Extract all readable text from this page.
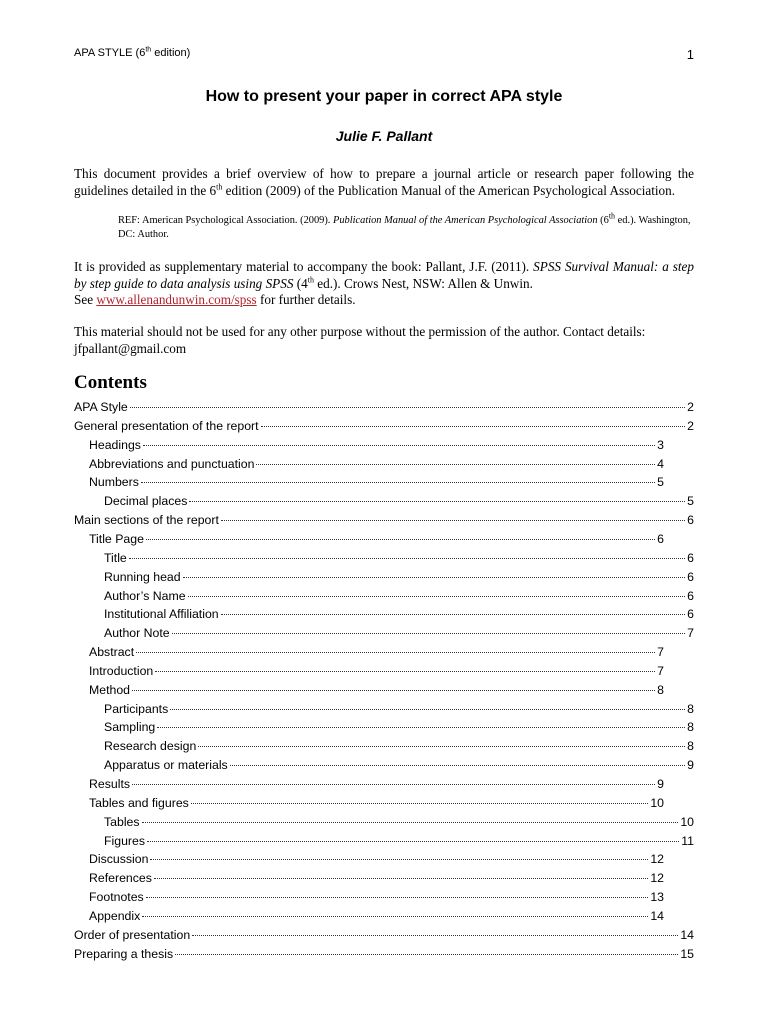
APA STYLE (6th edition)	1
How to present your paper in correct APA style
Julie F. Pallant
This document provides a brief overview of how to prepare a journal article or research paper following the guidelines detailed in the 6th edition (2009) of the Publication Manual of the American Psychological Association.
REF: American Psychological Association. (2009). Publication Manual of the American Psychological Association (6th ed.). Washington, DC: Author.
It is provided as supplementary material to accompany the book: Pallant, J.F. (2011). SPSS Survival Manual: a step by step guide to data analysis using SPSS (4th ed.). Crows Nest, NSW: Allen & Unwin.
See www.allenandunwin.com/spss for further details.
This material should not be used for any other purpose without the permission of the author. Contact details: jfpallant@gmail.com
Contents
APA Style	2
General presentation of the report	2
Headings	3
Abbreviations and punctuation	4
Numbers	5
Decimal places	5
Main sections of the report	6
Title Page	6
Title	6
Running head	6
Author’s Name	6
Institutional Affiliation	6
Author Note	7
Abstract	7
Introduction	7
Method	8
Participants	8
Sampling	8
Research design	8
Apparatus or materials	9
Results	9
Tables and figures	10
Tables	10
Figures	11
Discussion	12
References	12
Footnotes	13
Appendix	14
Order of presentation	14
Preparing a thesis	15
